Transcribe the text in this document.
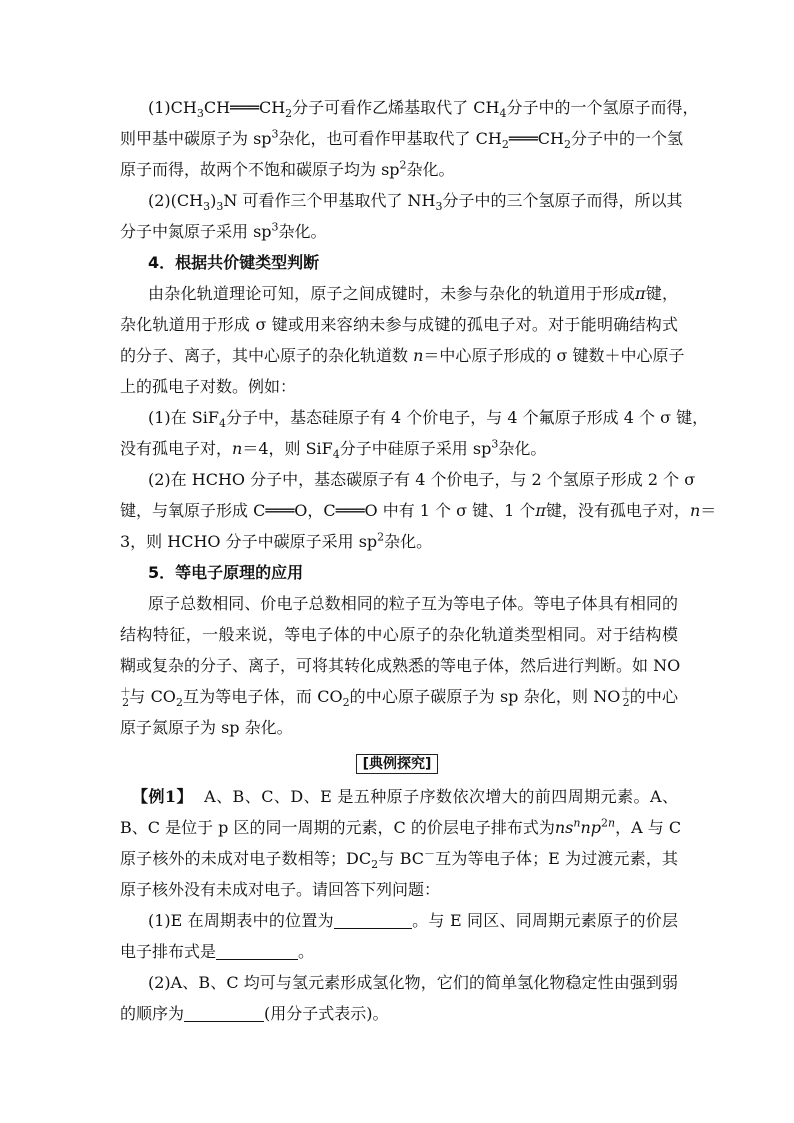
$(1)CH_3CH═══CH_2$分子可看作乙烯基取代了 $CH_4$分子中的一个氢原子而得，
则甲基中碳原子为 $sp^3$杂化，也可看作甲基取代了 $CH_2═══CH_2$分子中的一个氢
原子而得，故两个不饱和碳原子均为 $sp^2$杂化。
$(2)(CH_3)_3N$ 可看作三个甲基取代了 $NH_3$分子中的三个氢原子而得，所以其
分子中氮原子采用 $sp^3$杂化。
4．根据共价键类型判断
由杂化轨道理论可知，原子之间成键时，未参与杂化的轨道用于形成π键，
杂化轨道用于形成 σ 键或用来容纳未参与成键的孤电子对。对于能明确结构式
的分子、离子，其中心原子的杂化轨道数 n＝中心原子形成的 σ 键数＋中心原子
上的孤电子对数。例如：
(1)在 SiF$_4$分子中，基态硅原子有 4 个价电子，与 4 个氟原子形成 4 个 σ 键，
没有孤电子对，n＝4，则 SiF$_4$分子中硅原子采用 $sp^3$杂化。
(2)在 HCHO 分子中，基态碳原子有 4 个价电子，与 2 个氢原子形成 2 个 σ
键，与氧原子形成 C═══O，C═══O 中有 1 个 σ 键、1 个π键，没有孤电子对，n＝
3，则 HCHO 分子中碳原子采用 $sp^2$杂化。
5．等电子原理的应用
原子总数相同、价电子总数相同的粒子互为等电子体。等电子体具有相同的
结构特征，一般来说，等电子体的中心原子的杂化轨道类型相同。对于结构模
糊或复杂的分子、离子，可将其转化成熟悉的等电子体，然后进行判断。如 NO
＋$_2$与 $CO_2$互为等电子体，而 $CO_2$的中心原子碳原子为 sp 杂化，则 $NO^+_2$的中心
原子氮原子为 sp 杂化。
[典例探究]
【例1】 A、B、C、D、E 是五种原子序数依次增大的前四周期元素。A、
B、C 是位于 p 区的同一周期的元素，C 的价层电子排布式为$ns^nnp^{2n}$，A 与 C
原子核外的未成对电子数相等；$DC_2$与 BC－互为等电子体；E 为过渡元素，其
原子核外没有未成对电子。请回答下列问题：
(1)E 在周期表中的位置为	。与 E 同区、同周期元素原子的价层
电子排布式是	。
(2)A、B、C 均可与氢元素形成氢化物，它们的简单氢化物稳定性由强到弱
的顺序为	(用分子式表示)。
